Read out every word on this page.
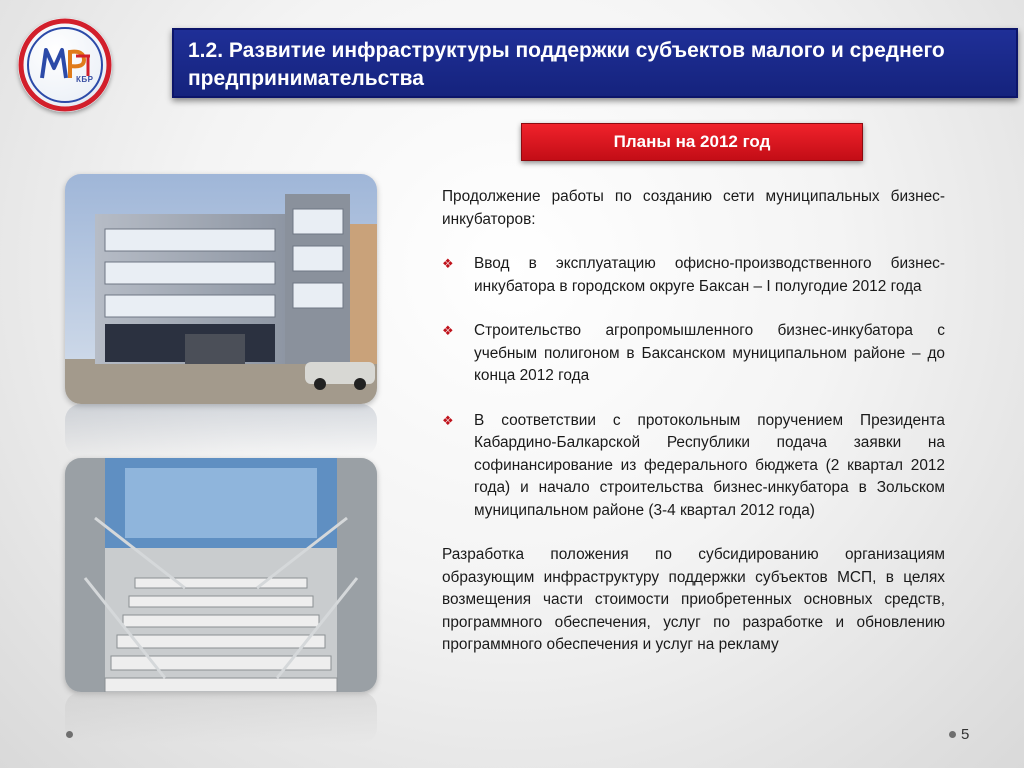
КБР
1.2. Развитие инфраструктуры поддержки субъектов малого и среднего предпринимательства
Планы на 2012 год

Продолжение работы по созданию сети муниципальных бизнес-инкубаторов:

❖	Ввод в эксплуатацию офисно-производственного бизнес-инкубатора в городском округе Баксан – I полугодие 2012 года
❖	Строительство агропромышленного бизнес-инкубатора с учебным полигоном в Баксанском муниципальном районе – до конца 2012 года
❖	В соответствии с протокольным поручением Президента Кабардино-Балкарской Республики подача заявки на софинансирование из федерального бюджета (2 квартал 2012 года) и начало строительства бизнес-инкубатора в Зольском муниципальном районе (3-4 квартал 2012 года)

Разработка положения по субсидированию организациям образующим инфраструктуру поддержки субъектов МСП, в целях возмещения части стоимости приобретенных основных средств, программного обеспечения, услуг по разработке и обновлению программного обеспечения и услуг на рекламу

5
